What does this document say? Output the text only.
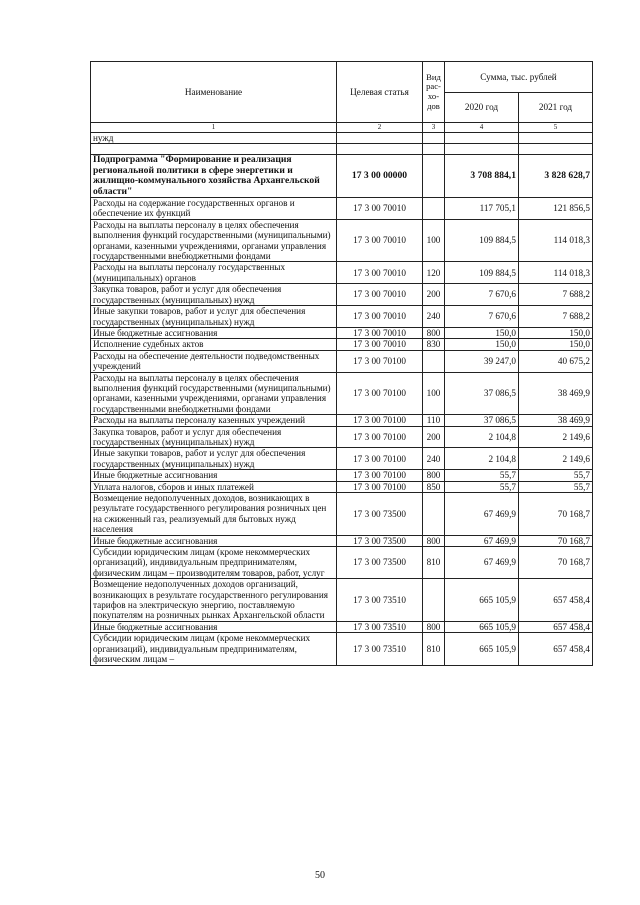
Наименование	Целевая статья	Вид рас-хо-дов	Сумма, тыс. рублей	
			2020 год	2021 год
1	2	3	4	5
нужд				

Подпрограмма "Формирование и реализация региональной политики в сфере энергетики и жилищно-коммунального хозяйства Архангельской области"	17 3 00 00000		3 708 884,1	3 828 628,7
Расходы на содержание государственных органов и обеспечение их функций	17 3 00 70010		117 705,1	121 856,5
Расходы на выплаты персоналу в целях обеспечения выполнения функций государственными (муниципальными) органами, казенными учреждениями, органами управления государственными внебюджетными фондами	17 3 00 70010	100	109 884,5	114 018,3
Расходы на выплаты персоналу государственных (муниципальных) органов	17 3 00 70010	120	109 884,5	114 018,3
Закупка товаров, работ и услуг для обеспечения государственных (муниципальных) нужд	17 3 00 70010	200	7 670,6	7 688,2
Иные закупки товаров, работ и услуг для обеспечения государственных (муниципальных) нужд	17 3 00 70010	240	7 670,6	7 688,2
Иные бюджетные ассигнования	17 3 00 70010	800	150,0	150,0
Исполнение судебных актов	17 3 00 70010	830	150,0	150,0
Расходы на обеспечение деятельности подведомственных учреждений	17 3 00 70100		39 247,0	40 675,2
Расходы на выплаты персоналу в целях обеспечения выполнения функций государственными (муниципальными) органами, казенными учреждениями, органами управления государственными внебюджетными фондами	17 3 00 70100	100	37 086,5	38 469,9
Расходы на выплаты персоналу казенных учреждений	17 3 00 70100	110	37 086,5	38 469,9
Закупка товаров, работ и услуг для обеспечения государственных (муниципальных) нужд	17 3 00 70100	200	2 104,8	2 149,6
Иные закупки товаров, работ и услуг для обеспечения государственных (муниципальных) нужд	17 3 00 70100	240	2 104,8	2 149,6
Иные бюджетные ассигнования	17 3 00 70100	800	55,7	55,7
Уплата налогов, сборов и иных платежей	17 3 00 70100	850	55,7	55,7
Возмещение недополученных доходов, возникающих в результате государственного регулирования розничных цен на сжиженный газ, реализуемый для бытовых нужд населения	17 3 00 73500		67 469,9	70 168,7
Иные бюджетные ассигнования	17 3 00 73500	800	67 469,9	70 168,7
Субсидии юридическим лицам (кроме некоммерческих организаций), индивидуальным предпринимателям, физическим лицам – производителям товаров, работ, услуг	17 3 00 73500	810	67 469,9	70 168,7
Возмещение недополученных доходов организаций, возникающих в результате государственного регулирования тарифов на электрическую энергию, поставляемую покупателям на розничных рынках Архангельской области	17 3 00 73510		665 105,9	657 458,4
Иные бюджетные ассигнования	17 3 00 73510	800	665 105,9	657 458,4
Субсидии юридическим лицам (кроме некоммерческих организаций), индивидуальным предпринимателям, физическим лицам –	17 3 00 73510	810	665 105,9	657 458,4
50
